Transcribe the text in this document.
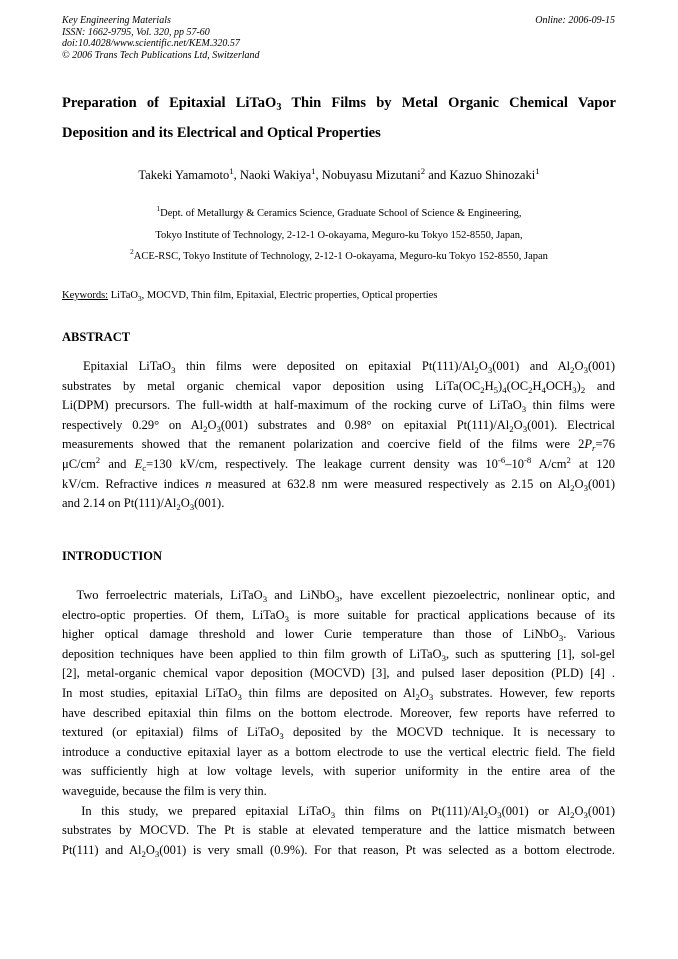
Key Engineering Materials
ISSN: 1662-9795, Vol. 320, pp 57-60
doi:10.4028/www.scientific.net/KEM.320.57
© 2006 Trans Tech Publications Ltd, Switzerland
Online: 2006-09-15
Preparation of Epitaxial LiTaO$_3$ Thin Films by Metal Organic Chemical Vapor
Deposition and its Electrical and Optical Properties
Takeki Yamamoto$^1$, Naoki Wakiya$^1$, Nobuyasu Mizutani$^2$ and Kazuo Shinozaki$^1$
$^1$Dept. of Metallurgy & Ceramics Science, Graduate School of Science & Engineering,
Tokyo Institute of Technology, 2-12-1 O-okayama, Meguro-ku Tokyo 152-8550, Japan,
$^2$ACE-RSC, Tokyo Institute of Technology, 2-12-1 O-okayama, Meguro-ku Tokyo 152-8550, Japan
Keywords: LiTaO$_3$, MOCVD, Thin film, Epitaxial, Electric properties, Optical properties
ABSTRACT
Epitaxial LiTaO$_3$ thin films were deposited on epitaxial $Pt(111)/Al_2O_3(001)$ and $Al_2O_3(001)$
substrates by metal organic chemical vapor deposition using $LiTa(OC_2H_5)_4(OC_2H_4OCH_3)_2$ and
Li(DPM) precursors. The full-width at half-maximum of the rocking curve of LiTaO$_3$ thin films were
respectively 0.29° on $Al_2O_3(001)$ substrates and 0.98° on epitaxial $Pt(111)/Al_2O_3(001)$. Electrical
measurements showed that the remanent polarization and coercive field of the films were $2P_r=76$
$\mu C/cm^2$ and $E_c=130$ kV/cm, respectively. The leakage current density was $10^{-6}-10^{-8}$ $A/cm^2$ at 120
kV/cm. Refractive indices n measured at 632.8 nm were measured respectively as 2.15 on $Al_2O_3(001)$
and 2.14 on $Pt(111)/Al_2O_3(001)$.
INTRODUCTION
Two ferroelectric materials, LiTaO$_3$ and LiNbO$_3$, have excellent piezoelectric, nonlinear optic, and
electro-optic properties. Of them, LiTaO$_3$ is more suitable for practical applications because of its
higher optical damage threshold and lower Curie temperature than those of LiNbO$_3$. Various
deposition techniques have been applied to thin film growth of LiTaO$_3$, such as sputtering [1], sol-gel
[2], metal-organic chemical vapor deposition (MOCVD) [3], and pulsed laser deposition (PLD) [4] .
In most studies, epitaxial LiTaO$_3$ thin films are deposited on $Al_2O_3$ substrates. However, few reports
have described epitaxial thin films on the bottom electrode. Moreover, few reports have referred to
textured (or epitaxial) films of LiTaO$_3$ deposited by the MOCVD technique. It is necessary to
introduce a conductive epitaxial layer as a bottom electrode to use the vertical electric field. The field
was sufficiently high at low voltage levels, with superior uniformity in the entire area of the
waveguide, because the film is very thin.
In this study, we prepared epitaxial LiTaO$_3$ thin films on $Pt(111)/Al_2O_3(001)$ or $Al_2O_3(001)$
substrates by MOCVD. The Pt is stable at elevated temperature and the lattice mismatch between
Pt(111) and $Al_2O_3(001)$ is very small (0.9%). For that reason, Pt was selected as a bottom electrode.
